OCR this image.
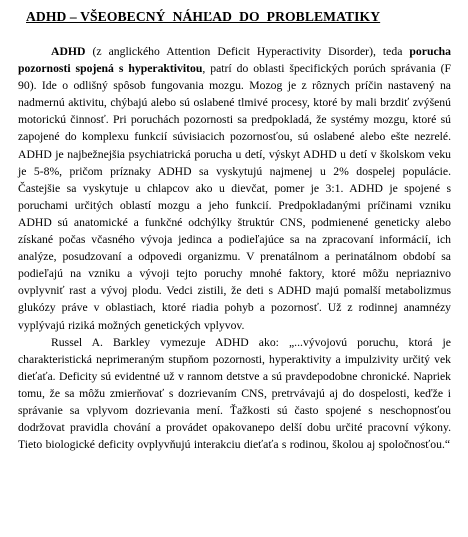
ADHD – VŠEOBECNÝ  NÁHĽAD  DO  PROBLEMATIKY

ADHD (z anglického Attention Deficit Hyperactivity Disorder), teda porucha pozornosti spojená s hyperaktivitou, patrí do oblasti špecifických porúch správania (F 90). Ide o odlišný spôsob fungovania mozgu. Mozog je z rôznych príčin nastavený na nadmernú aktivitu, chýbajú alebo sú oslabené tlmivé procesy, ktoré by mali brzdiť zvýšenú motorickú činnosť. Pri poruchách pozornosti sa predpokladá, že systémy mozgu, ktoré sú zapojené do komplexu funkcií súvisiacich pozornosťou, sú oslabené alebo ešte nezrelé. ADHD je najbežnejšia psychiatrická porucha u detí, výskyt ADHD u detí v školskom veku je 5-8%, pričom príznaky ADHD sa vyskytujú najmenej u 2% dospelej populácie. Častejšie sa vyskytuje u chlapcov ako u dievčat, pomer je 3:1. ADHD je spojené s poruchami určitých oblastí mozgu a jeho funkcií. Predpokladanými príčinami vzniku ADHD sú anatomické a funkčné odchýlky štruktúr CNS, podmienené geneticky alebo získané počas včasného vývoja jedinca a podieľajúce sa na zpracovaní informácií, ich analýze, posudzovaní a odpovedi organizmu. V prenatálnom a perinatálnom období sa podieľajú na vzniku a vývoji tejto poruchy mnohé faktory, ktoré môžu nepriaznivo ovplyvniť rast a vývoj plodu. Vedci zistili, že deti s ADHD majú pomalší metabolizmus glukózy práve v oblastiach, ktoré riadia pohyb a pozornosť. Už z rodinnej anamnézy vyplývajú riziká možných genetických vplyvov.

Russel A. Barkley vymezuje ADHD ako: „...vývojovú poruchu, ktorá je charakteristická neprimeraným stupňom pozornosti, hyperaktivity a impulzivity určitý vek dieťaťa. Deficity sú evidentné už v rannom detstve a sú pravdepodobne chronické. Napriek tomu, že sa môžu zmierňovať s dozrievaním CNS, pretrvávajú aj do dospelosti, keďže i správanie sa vplyvom dozrievania mení. Ťažkosti sú často spojené s neschopnosťou dodržovat pravidla chování a provádet opakovanepo delší dobu určité pracovní výkony. Tieto biologické deficity ovplyvňujú interakciu dieťaťa s rodinou, školou aj spoločnosťou.“
